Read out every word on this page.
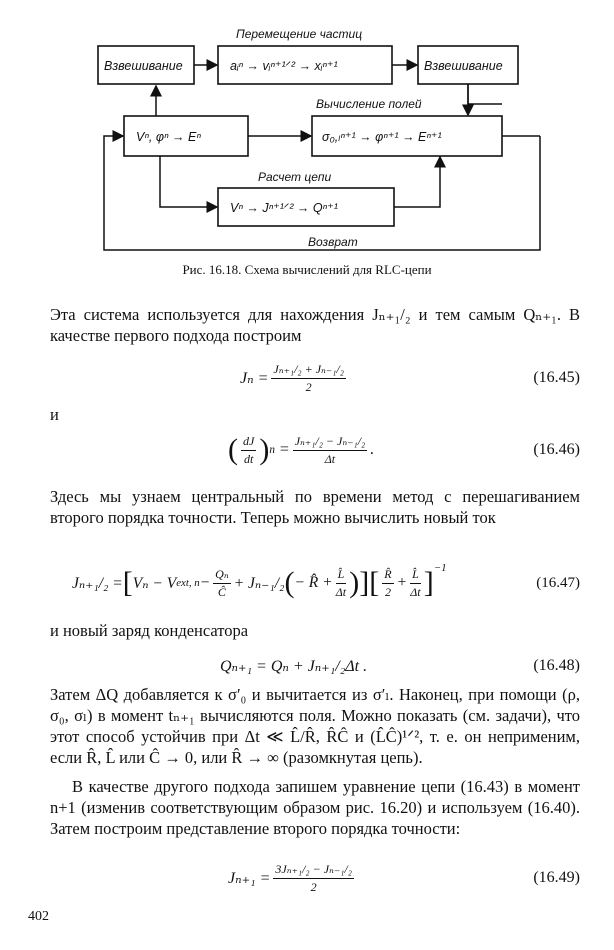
Перемещение частиц
Взвешивание	aᵢⁿ → vᵢⁿ⁺¹ᐟ² → xᵢⁿ⁺¹	Взвешивание
Вычисление полей
Vⁿ, φⁿ → Eⁿ	σ₀,ₗⁿ⁺¹ → φⁿ⁺¹ → Eⁿ⁺¹
Расчет цепи
Vⁿ → Jⁿ⁺¹ᐟ² → Qⁿ⁺¹
Возврат
Рис. 16.18. Схема вычислений для RLC-цепи
Эта система используется для нахождения Jₙ₊₁/₂ и тем самым Qₙ₊₁. В качестве первого подхода построим
$J_n = \frac{\text{Jₙ₊₁/₂ + Jₙ₋₁/₂}}{2}$	(16.45)
и
( $\frac{dJ}{dt}$ ) $n = \frac{\text{Jₙ₊₁/₂ − Jₙ₋₁/₂}}{\Delta t}$ .	(16.46)
Здесь мы узнаем центральный по времени метод с перешагиванием второго порядка точности. Теперь можно вычислить новый ток
Jₙ₊₁/₂ = [ Vₙ − V ext, $n - \frac{\text{Qₙ}}{Ĉ} + J_{n-1}/_2$ ( − R̂ + $\frac{L̂}{\Delta t}$ )] [ $\frac{R̂}{2} + \frac{L̂}{\Delta t} ]^{-1}$
(16.47)
и новый заряд конденсатора
Qₙ₊₁ = Qₙ + Jₙ₊₁/₂Δt .	(16.48)
Затем ΔQ добавляется к σ′₀ и вычитается из σ′ₗ. Наконец, при помощи (ρ, σ₀, σₗ) в момент tₙ₊₁ вычисляются поля. Можно показать (см. задачи), что этот способ устойчив при Δt ≪ L̂/R̂, R̂Ĉ и (L̂Ĉ)¹ᐟ², т. е. он неприменим, если R̂, L̂ или Ĉ → 0, или R̂ → ∞ (разомкнутая цепь).
В качестве другого подхода запишем уравнение цепи (16.43) в момент n+1 (изменив соответствующим образом рис. 16.20) и используем (16.40). Затем построим представление второго порядка точности:
$J_{n+1} = \frac{\text{3Jₙ₊₁/₂ − Jₙ₋₁/₂}}{2}$	(16.49)
402
